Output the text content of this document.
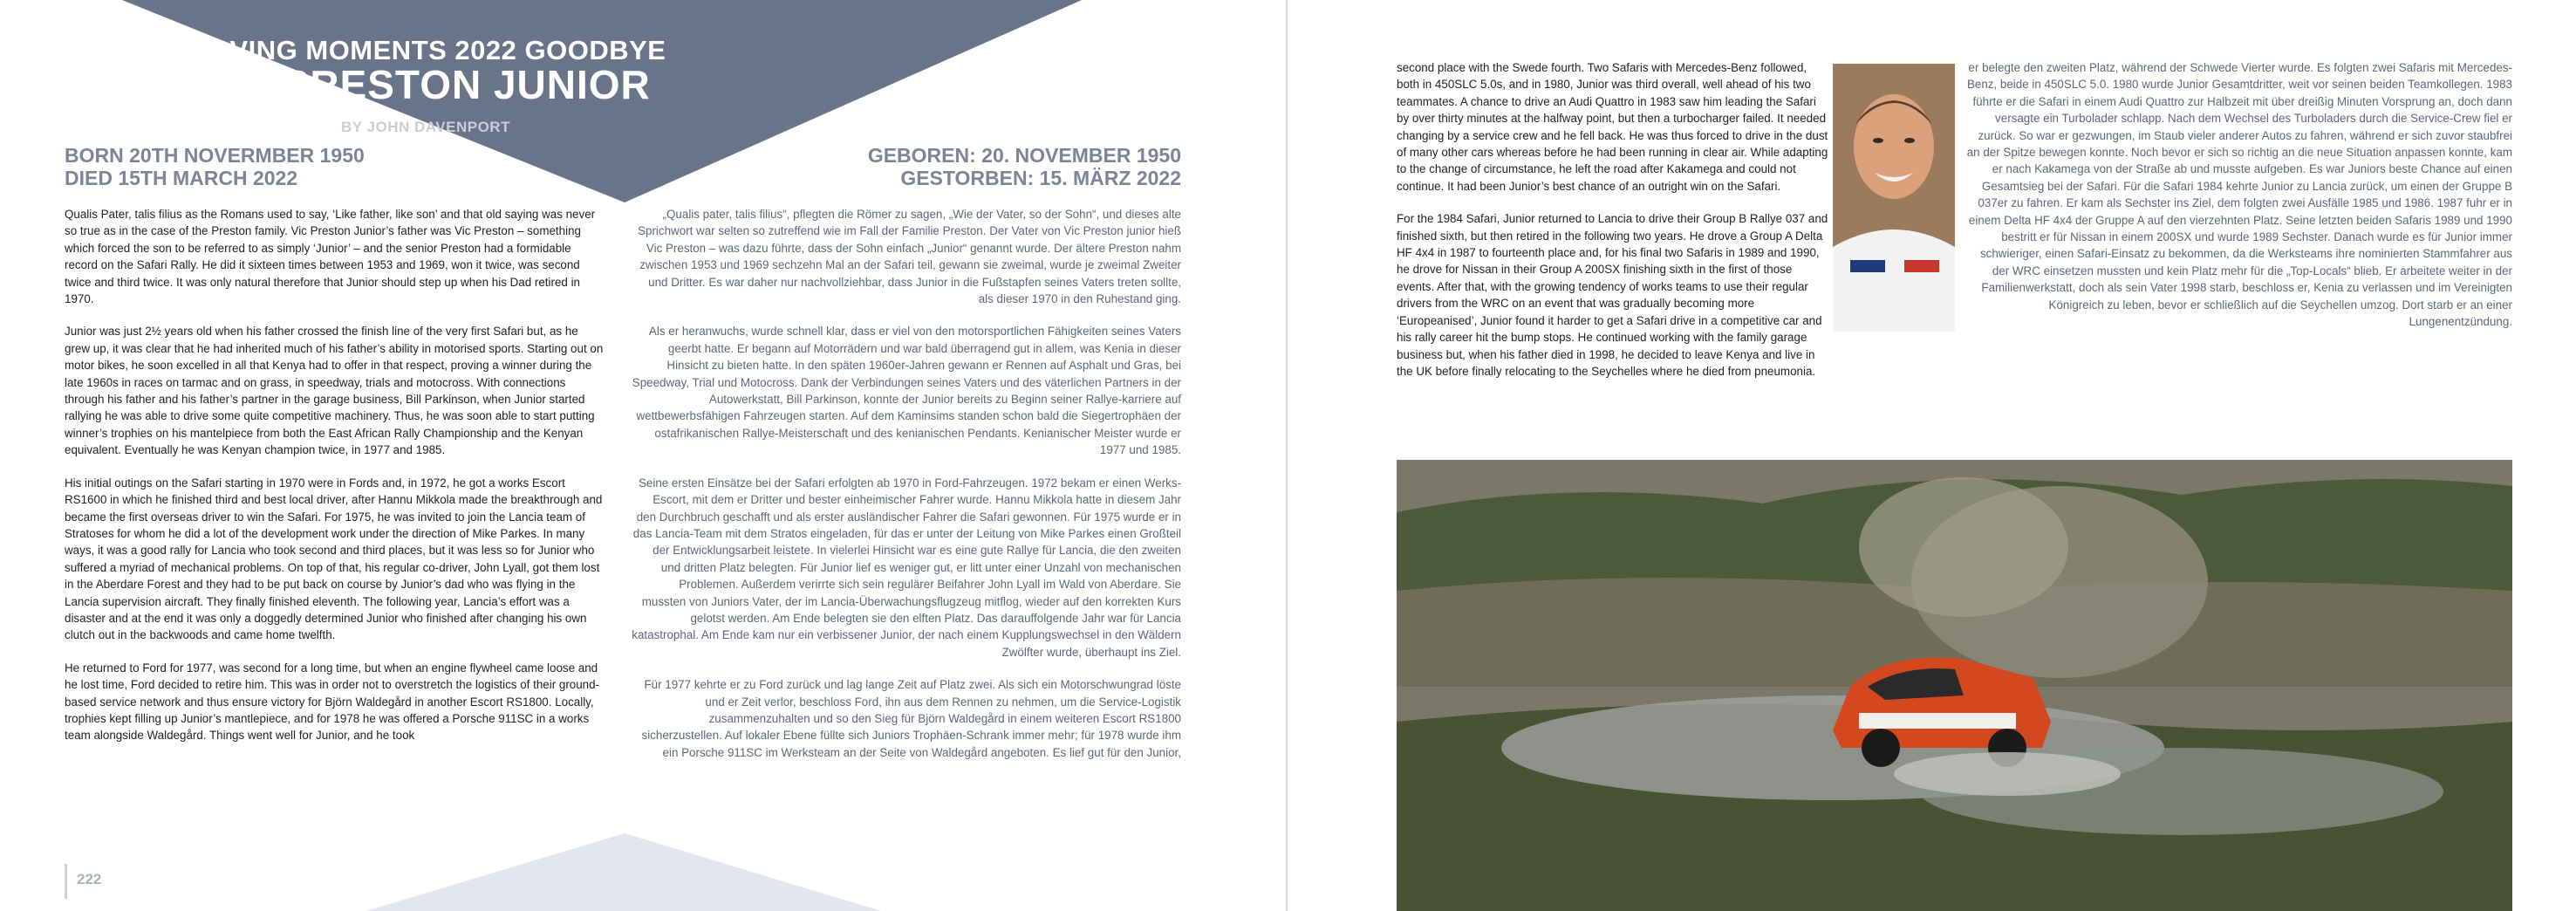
MOVING MOMENTS 2022 GOODBYE
VIC PRESTON JUNIOR
BY JOHN DAVENPORT
BORN 20TH NOVERMBER 1950
DIED 15TH MARCH 2022
GEBOREN: 20. NOVEMBER 1950
GESTORBEN: 15. MÄRZ 2022

Qualis Pater, talis filius as the Romans used to say, ‘Like father, like son’ and that old saying was never so true as in the case of the Preston family. Vic Preston Junior’s father was Vic Preston – something which forced the son to be referred to as simply ‘Junior’ – and the senior Preston had a formidable record on the Safari Rally. He did it sixteen times between 1953 and 1969, won it twice, was second twice and third twice. It was only natural therefore that Junior should step up when his Dad retired in 1970.

Junior was just 2½ years old when his father crossed the finish line of the very first Safari but, as he grew up, it was clear that he had inherited much of his father’s ability in motorised sports. Starting out on motor bikes, he soon excelled in all that Kenya had to offer in that respect, proving a winner during the late 1960s in races on tarmac and on grass, in speedway, trials and motocross. With connections through his father and his father’s partner in the garage business, Bill Parkinson, when Junior started rallying he was able to drive some quite competitive machinery. Thus, he was soon able to start putting winner’s trophies on his mantelpiece from both the East African Rally Championship and the Kenyan equivalent. Eventually he was Kenyan champion twice, in 1977 and 1985.

His initial outings on the Safari starting in 1970 were in Fords and, in 1972, he got a works Escort RS1600 in which he finished third and best local driver, after Hannu Mikkola made the breakthrough and became the first overseas driver to win the Safari. For 1975, he was invited to join the Lancia team of Stratoses for whom he did a lot of the development work under the direction of Mike Parkes. In many ways, it was a good rally for Lancia who took second and third places, but it was less so for Junior who suffered a myriad of mechanical problems. On top of that, his regular co-driver, John Lyall, got them lost in the Aberdare Forest and they had to be put back on course by Junior’s dad who was flying in the Lancia supervision aircraft. They finally finished eleventh. The following year, Lancia’s effort was a disaster and at the end it was only a doggedly determined Junior who finished after changing his own clutch out in the backwoods and came home twelfth.

He returned to Ford for 1977, was second for a long time, but when an engine flywheel came loose and he lost time, Ford decided to retire him. This was in order not to overstretch the logistics of their ground-based service network and thus ensure victory for Björn Waldegård in another Escort RS1800. Locally, trophies kept filling up Junior’s mantlepiece, and for 1978 he was offered a Porsche 911SC in a works team alongside Waldegård. Things went well for Junior, and he took

„Qualis pater, talis filius“, pflegten die Römer zu sagen, „Wie der Vater, so der Sohn“, und dieses alte Sprichwort war selten so zutreffend wie im Fall der Familie Preston. Der Vater von Vic Preston junior hieß Vic Preston – was dazu führte, dass der Sohn einfach „Junior“ genannt wurde. Der ältere Preston nahm zwischen 1953 und 1969 sechzehn Mal an der Safari teil, gewann sie zweimal, wurde je zweimal Zweiter und Dritter. Es war daher nur nachvollziehbar, dass Junior in die Fußstapfen seines Vaters treten sollte, als dieser 1970 in den Ruhestand ging.

Als er heranwuchs, wurde schnell klar, dass er viel von den motorsportlichen Fähigkeiten seines Vaters geerbt hatte. Er begann auf Motorrädern und war bald überragend gut in allem, was Kenia in dieser Hinsicht zu bieten hatte. In den späten 1960er-Jahren gewann er Rennen auf Asphalt und Gras, bei Speedway, Trial und Motocross. Dank der Verbindungen seines Vaters und des väterlichen Partners in der Autowerkstatt, Bill Parkinson, konnte der Junior bereits zu Beginn seiner Rallye-karriere auf wettbewerbsfähigen Fahrzeugen starten. Auf dem Kaminsims standen schon bald die Siegertrophäen der ostafrikanischen Rallye-Meisterschaft und des kenianischen Pendants. Kenianischer Meister wurde er 1977 und 1985.

Seine ersten Einsätze bei der Safari erfolgten ab 1970 in Ford-Fahrzeugen. 1972 bekam er einen Werks-Escort, mit dem er Dritter und bester einheimischer Fahrer wurde. Hannu Mikkola hatte in diesem Jahr den Durchbruch geschafft und als erster ausländischer Fahrer die Safari gewonnen. Für 1975 wurde er in das Lancia-Team mit dem Stratos eingeladen, für das er unter der Leitung von Mike Parkes einen Großteil der Entwicklungsarbeit leistete. In vielerlei Hinsicht war es eine gute Rallye für Lancia, die den zweiten und dritten Platz belegten. Für Junior lief es weniger gut, er litt unter einer Unzahl von mechanischen Problemen. Außerdem verirrte sich sein regulärer Beifahrer John Lyall im Wald von Aberdare. Sie mussten von Juniors Vater, der im Lancia-Überwachungsflugzeug mitflog, wieder auf den korrekten Kurs gelotst werden. Am Ende belegten sie den elften Platz. Das darauffolgende Jahr war für Lancia katastrophal. Am Ende kam nur ein verbissener Junior, der nach einem Kupplungswechsel in den Wäldern Zwölfter wurde, überhaupt ins Ziel.

Für 1977 kehrte er zu Ford zurück und lag lange Zeit auf Platz zwei. Als sich ein Motorschwungrad löste und er Zeit verlor, beschloss Ford, ihn aus dem Rennen zu nehmen, um die Service-Logistik zusammenzuhalten und so den Sieg für Björn Waldegård in einem weiteren Escort RS1800 sicherzustellen. Auf lokaler Ebene füllte sich Juniors Trophäen-Schrank immer mehr; für 1978 wurde ihm ein Porsche 911SC im Werksteam an der Seite von Waldegård angeboten. Es lief gut für den Junior,

222

second place with the Swede fourth. Two Safaris with Mercedes-Benz followed, both in 450SLC 5.0s, and in 1980, Junior was third overall, well ahead of his two teammates. A chance to drive an Audi Quattro in 1983 saw him leading the Safari by over thirty minutes at the halfway point, but then a turbocharger failed. It needed changing by a service crew and he fell back. He was thus forced to drive in the dust of many other cars whereas before he had been running in clear air. While adapting to the change of circumstance, he left the road after Kakamega and could not continue. It had been Junior’s best chance of an outright win on the Safari.

For the 1984 Safari, Junior returned to Lancia to drive their Group B Rallye 037 and finished sixth, but then retired in the following two years. He drove a Group A Delta HF 4x4 in 1987 to fourteenth place and, for his final two Safaris in 1989 and 1990, he drove for Nissan in their Group A 200SX finishing sixth in the first of those events. After that, with the growing tendency of works teams to use their regular drivers from the WRC on an event that was gradually becoming more ‘Europeanised’, Junior found it harder to get a Safari drive in a competitive car and his rally career hit the bump stops. He continued working with the family garage business but, when his father died in 1998, he decided to leave Kenya and live in the UK before finally relocating to the Seychelles where he died from pneumonia.

er belegte den zweiten Platz, während der Schwede Vierter wurde. Es folgten zwei Safaris mit Mercedes-Benz, beide in 450SLC 5.0. 1980 wurde Junior Gesamtdritter, weit vor seinen beiden Teamkollegen. 1983 führte er die Safari in einem Audi Quattro zur Halbzeit mit über dreißig Minuten Vorsprung an, doch dann versagte ein Turbolader schlapp. Nach dem Wechsel des Turboladers durch die Service-Crew fiel er zurück. So war er gezwungen, im Staub vieler anderer Autos zu fahren, während er sich zuvor staubfrei an der Spitze bewegen konnte. Noch bevor er sich so richtig an die neue Situation anpassen konnte, kam er nach Kakamega von der Straße ab und musste aufgeben. Es war Juniors beste Chance auf einen Gesamtsieg bei der Safari. Für die Safari 1984 kehrte Junior zu Lancia zurück, um einen der Gruppe B 037er zu fahren. Er kam als Sechster ins Ziel, dem folgten zwei Ausfälle 1985 und 1986. 1987 fuhr er in einem Delta HF 4x4 der Gruppe A auf den vierzehnten Platz. Seine letzten beiden Safaris 1989 und 1990 bestritt er für Nissan in einem 200SX und wurde 1989 Sechster. Danach wurde es für Junior immer schwieriger, einen Safari-Einsatz zu bekommen, da die Werksteams ihre nominierten Stammfahrer aus der WRC einsetzen mussten und kein Platz mehr für die „Top-Locals“ blieb. Er arbeitete weiter in der Familienwerkstatt, doch als sein Vater 1998 starb, beschloss er, Kenia zu verlassen und im Vereinigten Königreich zu leben, bevor er schließlich auf die Seychellen umzog. Dort starb er an einer Lungenentzündung.
